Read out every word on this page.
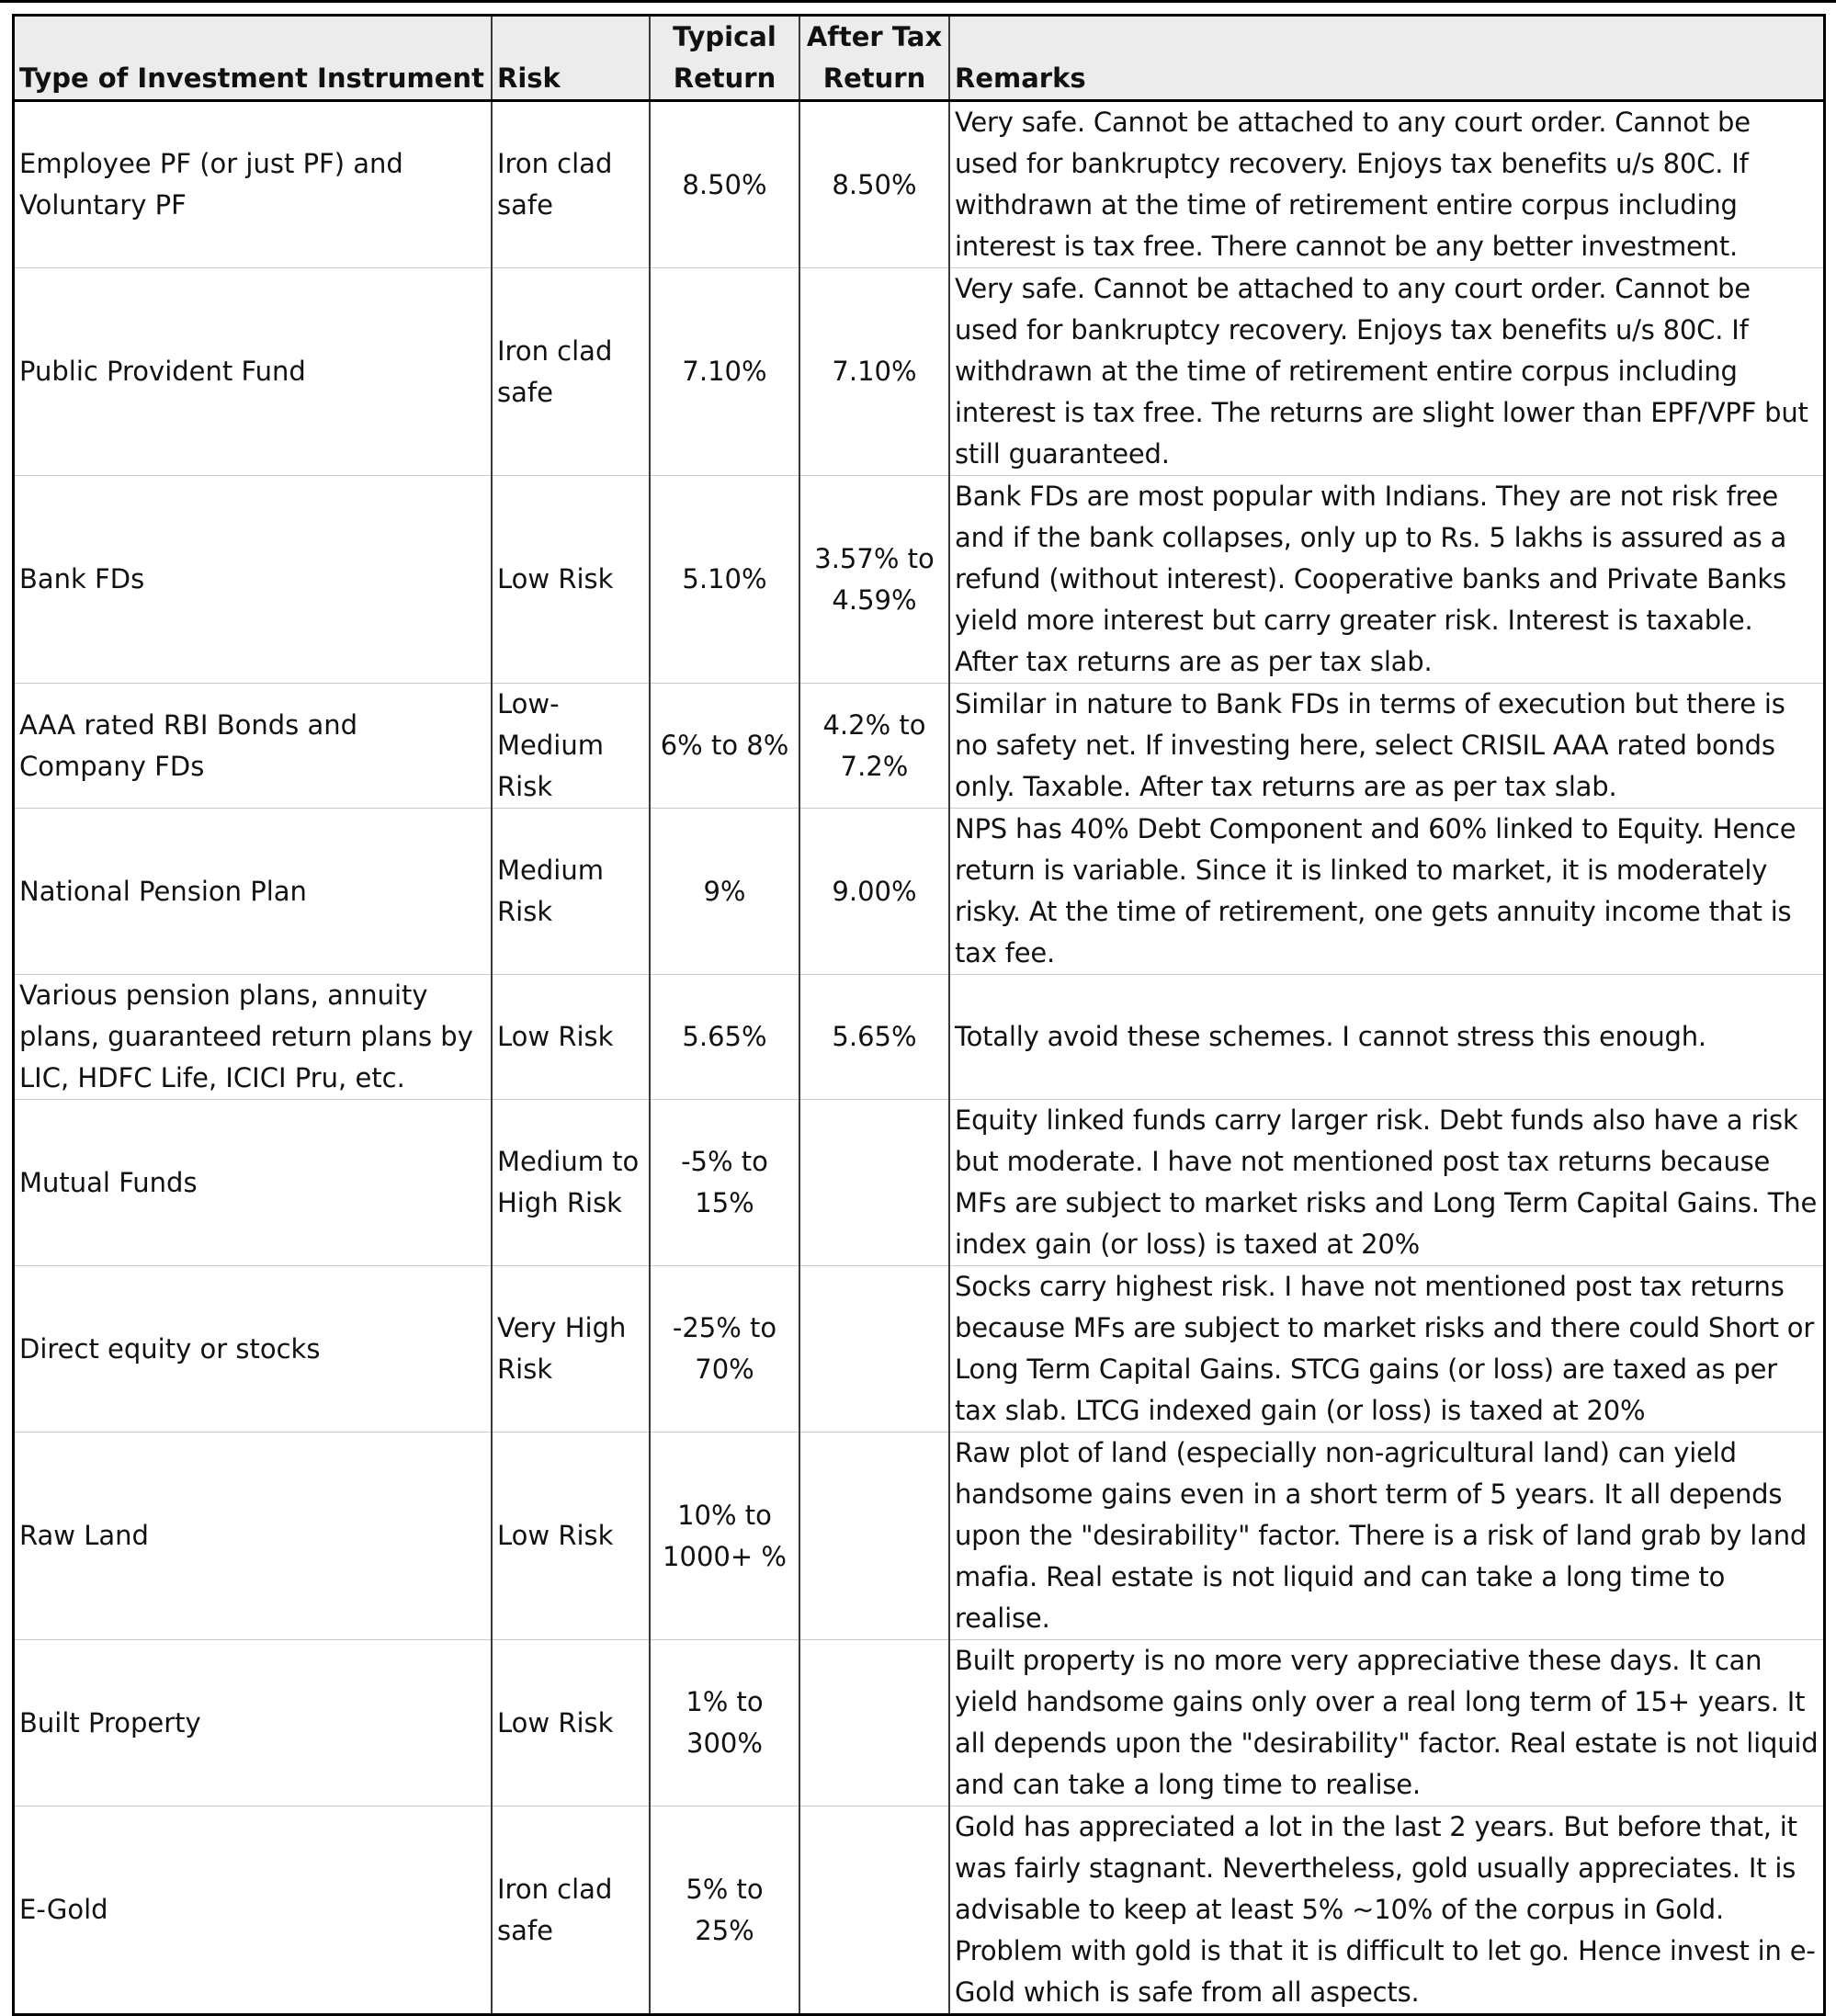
Type of Investment Instrument	Risk	Typical Return	After Tax Return	Remarks
Employee PF (or just PF) and Voluntary PF	Iron clad safe	8.50%	8.50%	Very safe. Cannot be attached to any court order. Cannot be used for bankruptcy recovery. Enjoys tax benefits u/s 80C. If withdrawn at the time of retirement entire corpus including interest is tax free. There cannot be any better investment.
Public Provident Fund	Iron clad safe	7.10%	7.10%	Very safe. Cannot be attached to any court order. Cannot be used for bankruptcy recovery. Enjoys tax benefits u/s 80C. If withdrawn at the time of retirement entire corpus including interest is tax free. The returns are slight lower than EPF/VPF but still guaranteed.
Bank FDs	Low Risk	5.10%	3.57% to 4.59%	Bank FDs are most popular with Indians. They are not risk free and if the bank collapses, only up to Rs. 5 lakhs is assured as a refund (without interest). Cooperative banks and Private Banks yield more interest but carry greater risk. Interest is taxable. After tax returns are as per tax slab.
AAA rated RBI Bonds and Company FDs	Low-Medium Risk	6% to 8%	4.2% to 7.2%	Similar in nature to Bank FDs in terms of execution but there is no safety net. If investing here, select CRISIL AAA rated bonds only. Taxable. After tax returns are as per tax slab.
National Pension Plan	Medium Risk	9%	9.00%	NPS has 40% Debt Component and 60% linked to Equity. Hence return is variable. Since it is linked to market, it is moderately risky. At the time of retirement, one gets annuity income that is tax fee.
Various pension plans, annuity plans, guaranteed return plans by LIC, HDFC Life, ICICI Pru, etc.	Low Risk	5.65%	5.65%	Totally avoid these schemes. I cannot stress this enough.
Mutual Funds	Medium to High Risk	-5% to 15%		Equity linked funds carry larger risk. Debt funds also have a risk but moderate. I have not mentioned post tax returns because MFs are subject to market risks and Long Term Capital Gains. The index gain (or loss) is taxed at 20%
Direct equity or stocks	Very High Risk	-25% to 70%		Socks carry highest risk. I have not mentioned post tax returns because MFs are subject to market risks and there could Short or Long Term Capital Gains. STCG gains (or loss) are taxed as per tax slab. LTCG indexed gain (or loss) is taxed at 20%
Raw Land	Low Risk	10% to 1000+ %		Raw plot of land (especially non-agricultural land) can yield handsome gains even in a short term of 5 years. It all depends upon the "desirability" factor. There is a risk of land grab by land mafia. Real estate is not liquid and can take a long time to realise.
Built Property	Low Risk	1% to 300%		Built property is no more very appreciative these days. It can yield handsome gains only over a real long term of 15+ years. It all depends upon the "desirability" factor. Real estate is not liquid and can take a long time to realise.
E-Gold	Iron clad safe	5% to 25%		Gold has appreciated a lot in the last 2 years. But before that, it was fairly stagnant. Nevertheless, gold usually appreciates. It is advisable to keep at least 5% ~10% of the corpus in Gold. Problem with gold is that it is difficult to let go. Hence invest in e-Gold which is safe from all aspects.
